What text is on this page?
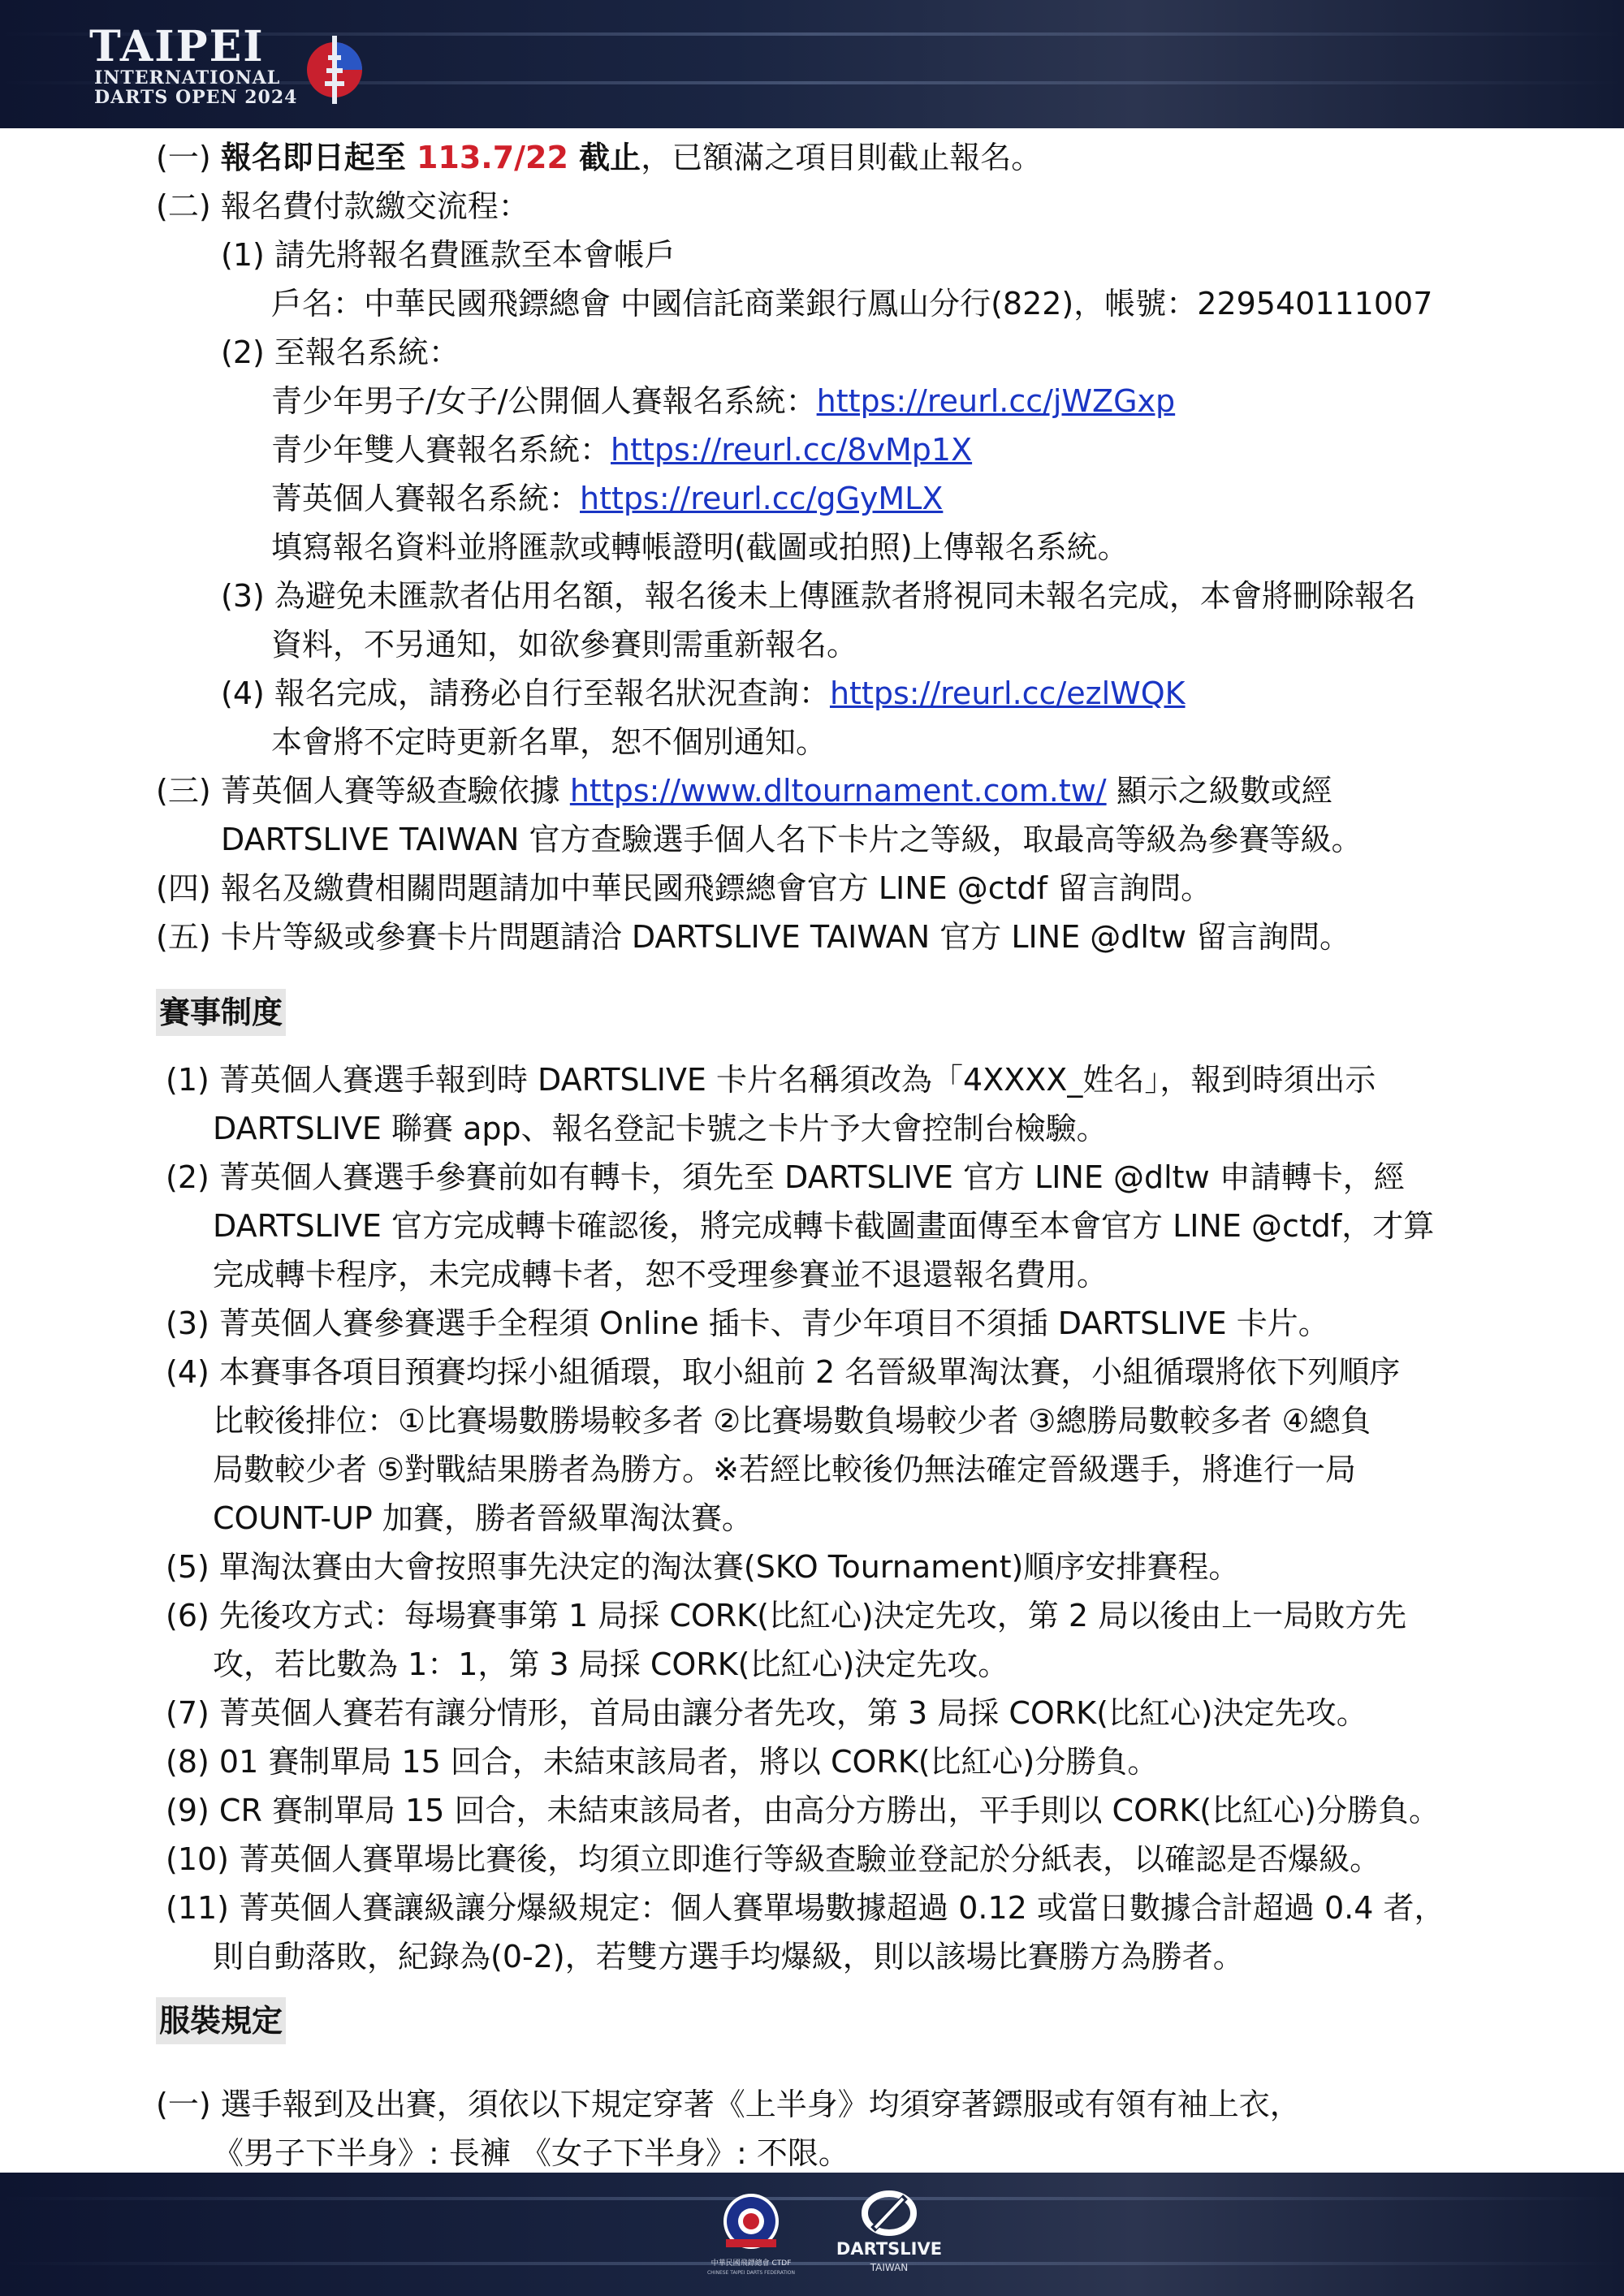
TAIPEI
INTERNATIONAL
DARTS OPEN 2024
(一) 報名即日起至 113.7/22 截止，已額滿之項目則截止報名。
(二) 報名費付款繳交流程：
(1) 請先將報名費匯款至本會帳戶
戶名：中華民國飛鏢總會 中國信託商業銀行鳳山分行(822)，帳號：229540111007
(2) 至報名系統：
青少年男子/女子/公開個人賽報名系統：https://reurl.cc/jWZGxp
青少年雙人賽報名系統：https://reurl.cc/8vMp1X
菁英個人賽報名系統：https://reurl.cc/gGyMLX
填寫報名資料並將匯款或轉帳證明(截圖或拍照)上傳報名系統。
(3) 為避免未匯款者佔用名額，報名後未上傳匯款者將視同未報名完成，本會將刪除報名
資料，不另通知，如欲參賽則需重新報名。
(4) 報名完成，請務必自行至報名狀況查詢：https://reurl.cc/ezlWQK
本會將不定時更新名單，恕不個別通知。
(三) 菁英個人賽等級查驗依據 https://www.dltournament.com.tw/ 顯示之級數或經
DARTSLIVE TAIWAN 官方查驗選手個人名下卡片之等級，取最高等級為參賽等級。
(四) 報名及繳費相關問題請加中華民國飛鏢總會官方 LINE @ctdf 留言詢問。
(五) 卡片等級或參賽卡片問題請洽 DARTSLIVE TAIWAN 官方 LINE @dltw 留言詢問。
賽事制度
(1) 菁英個人賽選手報到時 DARTSLIVE 卡片名稱須改為「4XXXX_姓名」，報到時須出示
DARTSLIVE 聯賽 app、報名登記卡號之卡片予大會控制台檢驗。
(2) 菁英個人賽選手參賽前如有轉卡，須先至 DARTSLIVE 官方 LINE @dltw 申請轉卡，經
DARTSLIVE 官方完成轉卡確認後，將完成轉卡截圖畫面傳至本會官方 LINE @ctdf，才算
完成轉卡程序，未完成轉卡者，恕不受理參賽並不退還報名費用。
(3) 菁英個人賽參賽選手全程須 Online 插卡、青少年項目不須插 DARTSLIVE 卡片。
(4) 本賽事各項目預賽均採小組循環，取小組前 2 名晉級單淘汰賽，小組循環將依下列順序
比較後排位：①比賽場數勝場較多者 ②比賽場數負場較少者 ③總勝局數較多者 ④總負
局數較少者 ⑤對戰結果勝者為勝方。※若經比較後仍無法確定晉級選手，將進行一局
COUNT-UP 加賽，勝者晉級單淘汰賽。
(5) 單淘汰賽由大會按照事先決定的淘汰賽(SKO Tournament)順序安排賽程。
(6) 先後攻方式：每場賽事第 1 局採 CORK(比紅心)決定先攻，第 2 局以後由上一局敗方先
攻，若比數為 1：1，第 3 局採 CORK(比紅心)決定先攻。
(7) 菁英個人賽若有讓分情形，首局由讓分者先攻，第 3 局採 CORK(比紅心)決定先攻。
(8) 01 賽制單局 15 回合，未結束該局者，將以 CORK(比紅心)分勝負。
(9) CR 賽制單局 15 回合，未結束該局者，由高分方勝出，平手則以 CORK(比紅心)分勝負。
(10) 菁英個人賽單場比賽後，均須立即進行等級查驗並登記於分紙表，以確認是否爆級。
(11) 菁英個人賽讓級讓分爆級規定：個人賽單場數據超過 0.12 或當日數據合計超過 0.4 者，
則自動落敗，紀錄為(0-2)，若雙方選手均爆級，則以該場比賽勝方為勝者。
服裝規定
(一) 選手報到及出賽，須依以下規定穿著《上半身》均須穿著鏢服或有領有袖上衣，
《男子下半身》: 長褲 《女子下半身》: 不限。
中華民國飛鏢總會 CTDF
CHINESE TAIPEI DARTS FEDERATION
DARTSLIVE
TAIWAN
